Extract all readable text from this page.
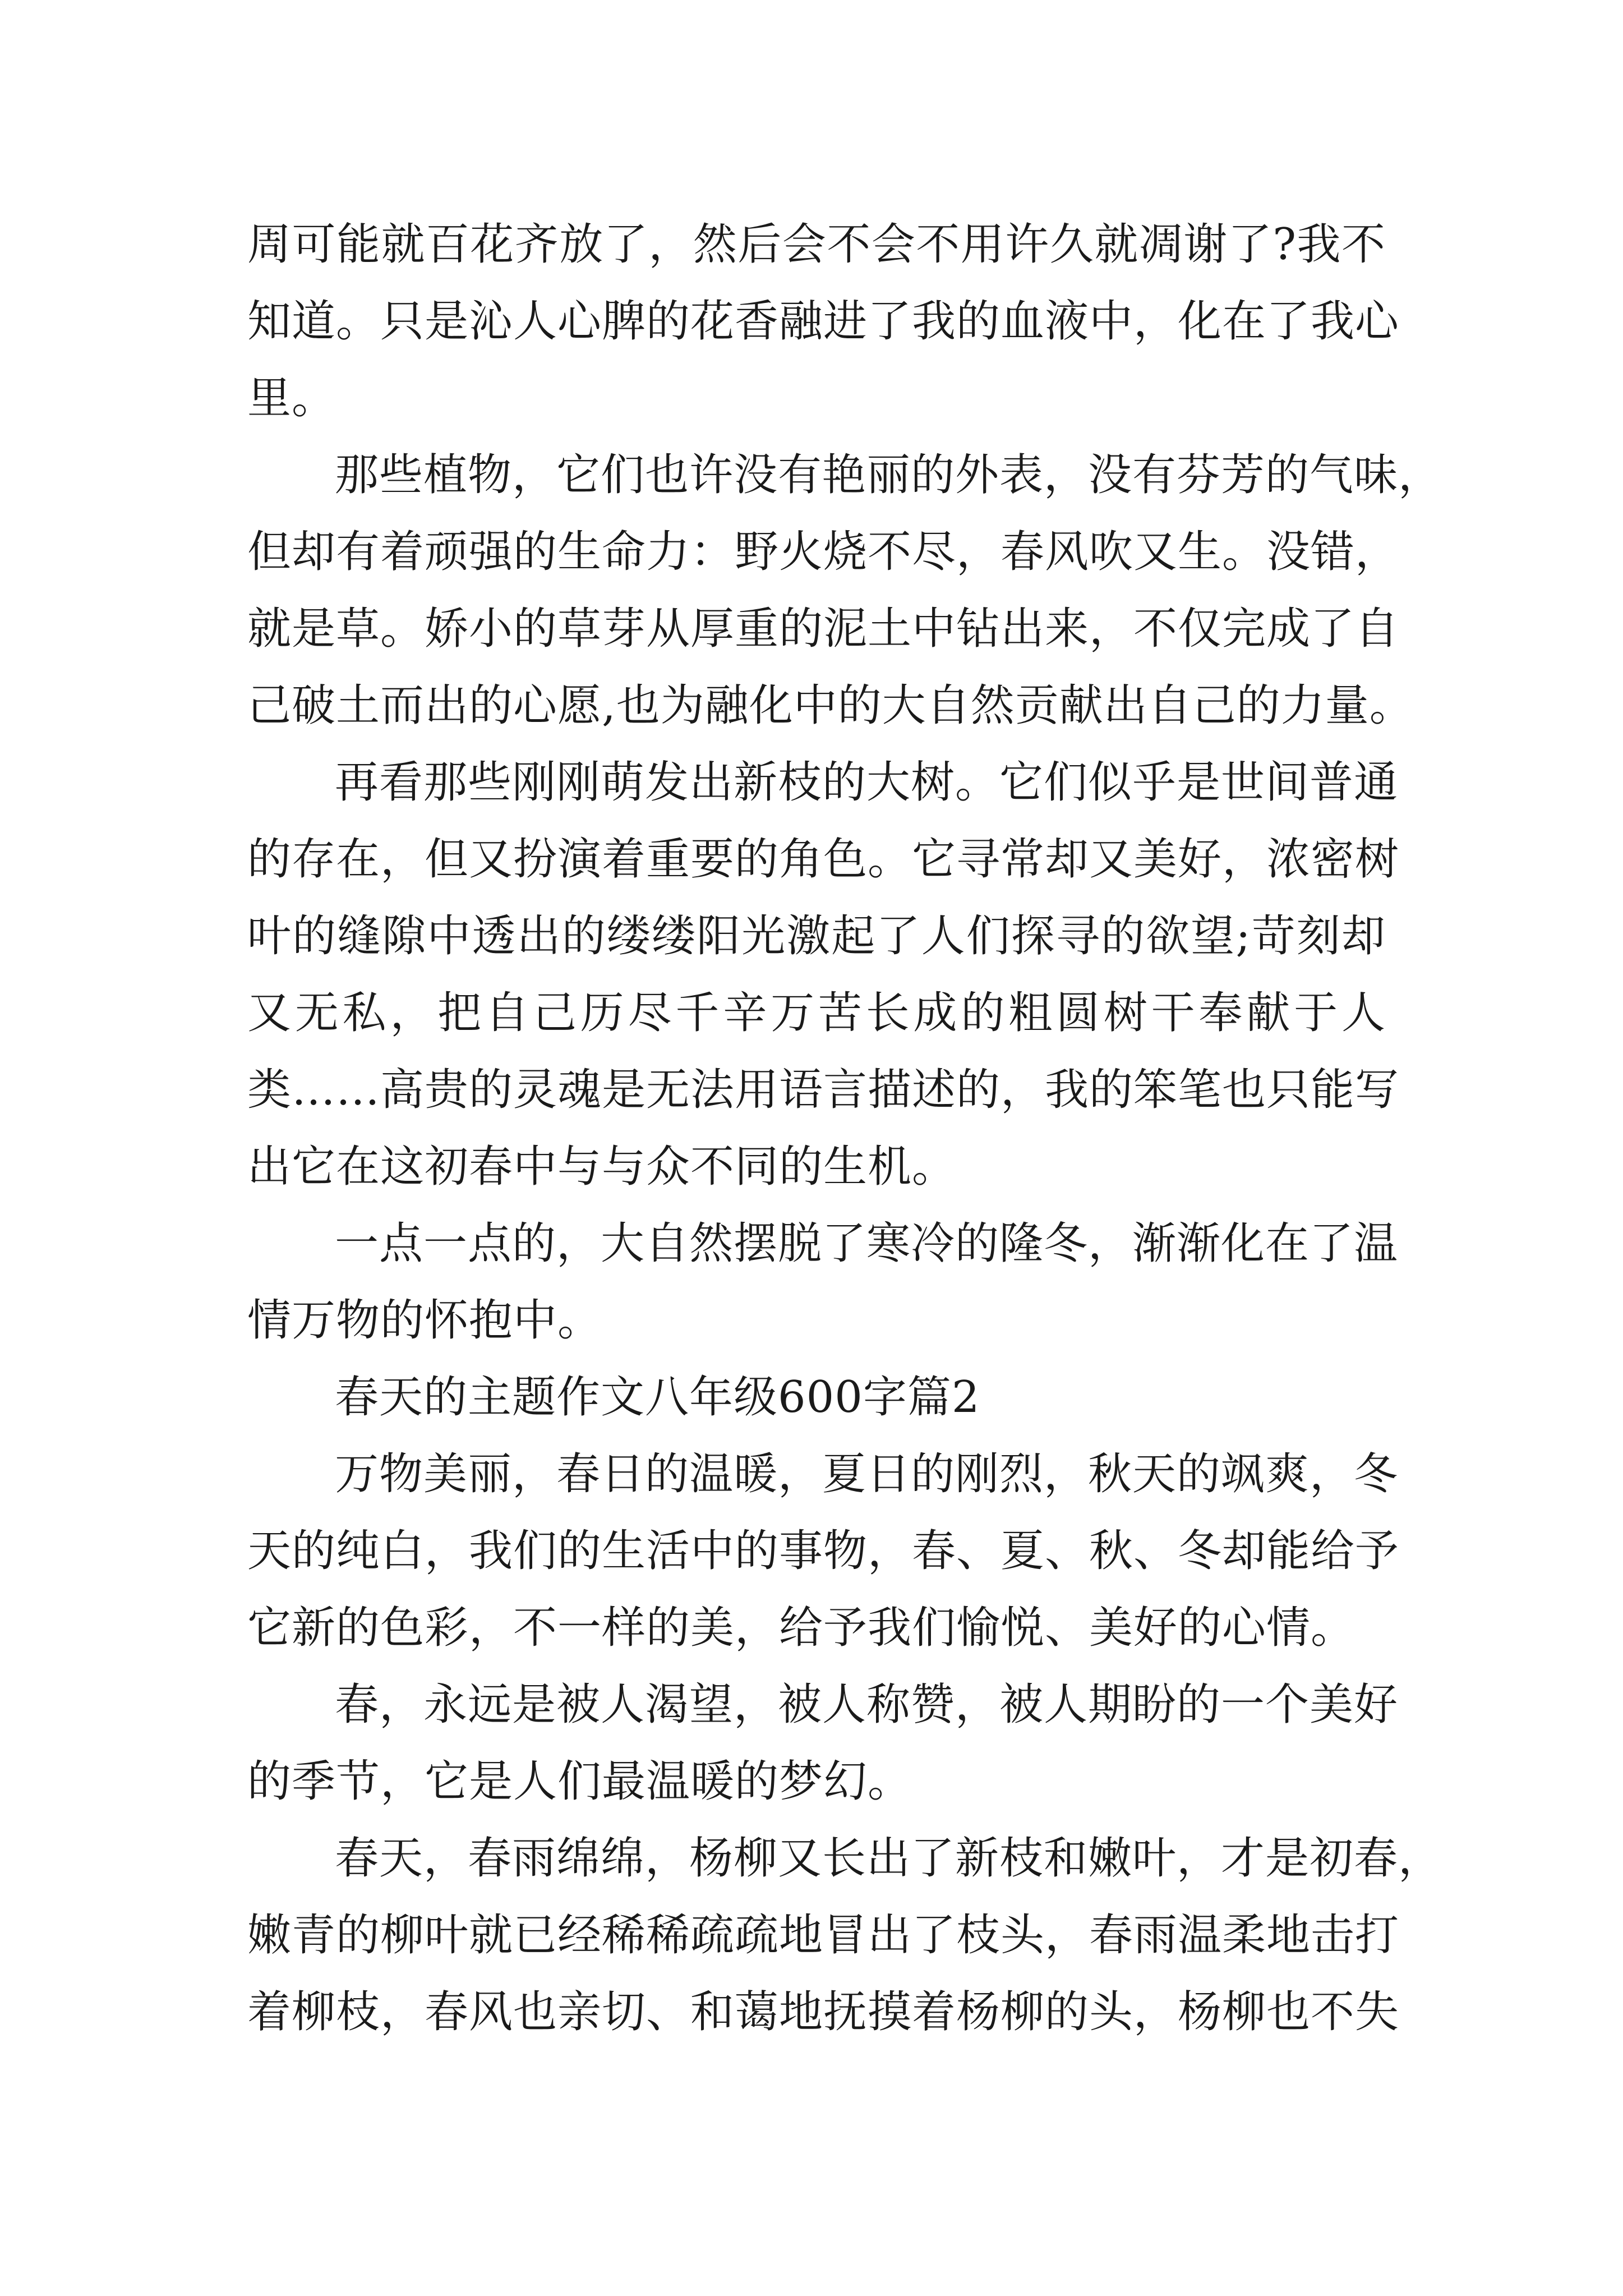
周可能就百花齐放了，然后会不会不用许久就凋谢了?我不
知道。只是沁人心脾的花香融进了我的血液中，化在了我心
里。
那些植物，它们也许没有艳丽的外表，没有芬芳的气味，
但却有着顽强的生命力：野火烧不尽，春风吹又生。没错，
就是草。娇小的草芽从厚重的泥土中钻出来，不仅完成了自
己破土而出的心愿,也为融化中的大自然贡献出自己的力量。
再看那些刚刚萌发出新枝的大树。它们似乎是世间普通
的存在，但又扮演着重要的角色。它寻常却又美好，浓密树
叶的缝隙中透出的缕缕阳光激起了人们探寻的欲望;苛刻却
又无私，把自己历尽千辛万苦长成的粗圆树干奉献于人
类……高贵的灵魂是无法用语言描述的，我的笨笔也只能写
出它在这初春中与与众不同的生机。
一点一点的，大自然摆脱了寒冷的隆冬，渐渐化在了温
情万物的怀抱中。
春天的主题作文八年级600字篇2
万物美丽，春日的温暖，夏日的刚烈，秋天的飒爽，冬
天的纯白，我们的生活中的事物，春、夏、秋、冬却能给予
它新的色彩，不一样的美，给予我们愉悦、美好的心情。
春，永远是被人渴望，被人称赞，被人期盼的一个美好
的季节，它是人们最温暖的梦幻。
春天，春雨绵绵，杨柳又长出了新枝和嫩叶，才是初春，
嫩青的柳叶就已经稀稀疏疏地冒出了枝头，春雨温柔地击打
着柳枝，春风也亲切、和蔼地抚摸着杨柳的头，杨柳也不失
